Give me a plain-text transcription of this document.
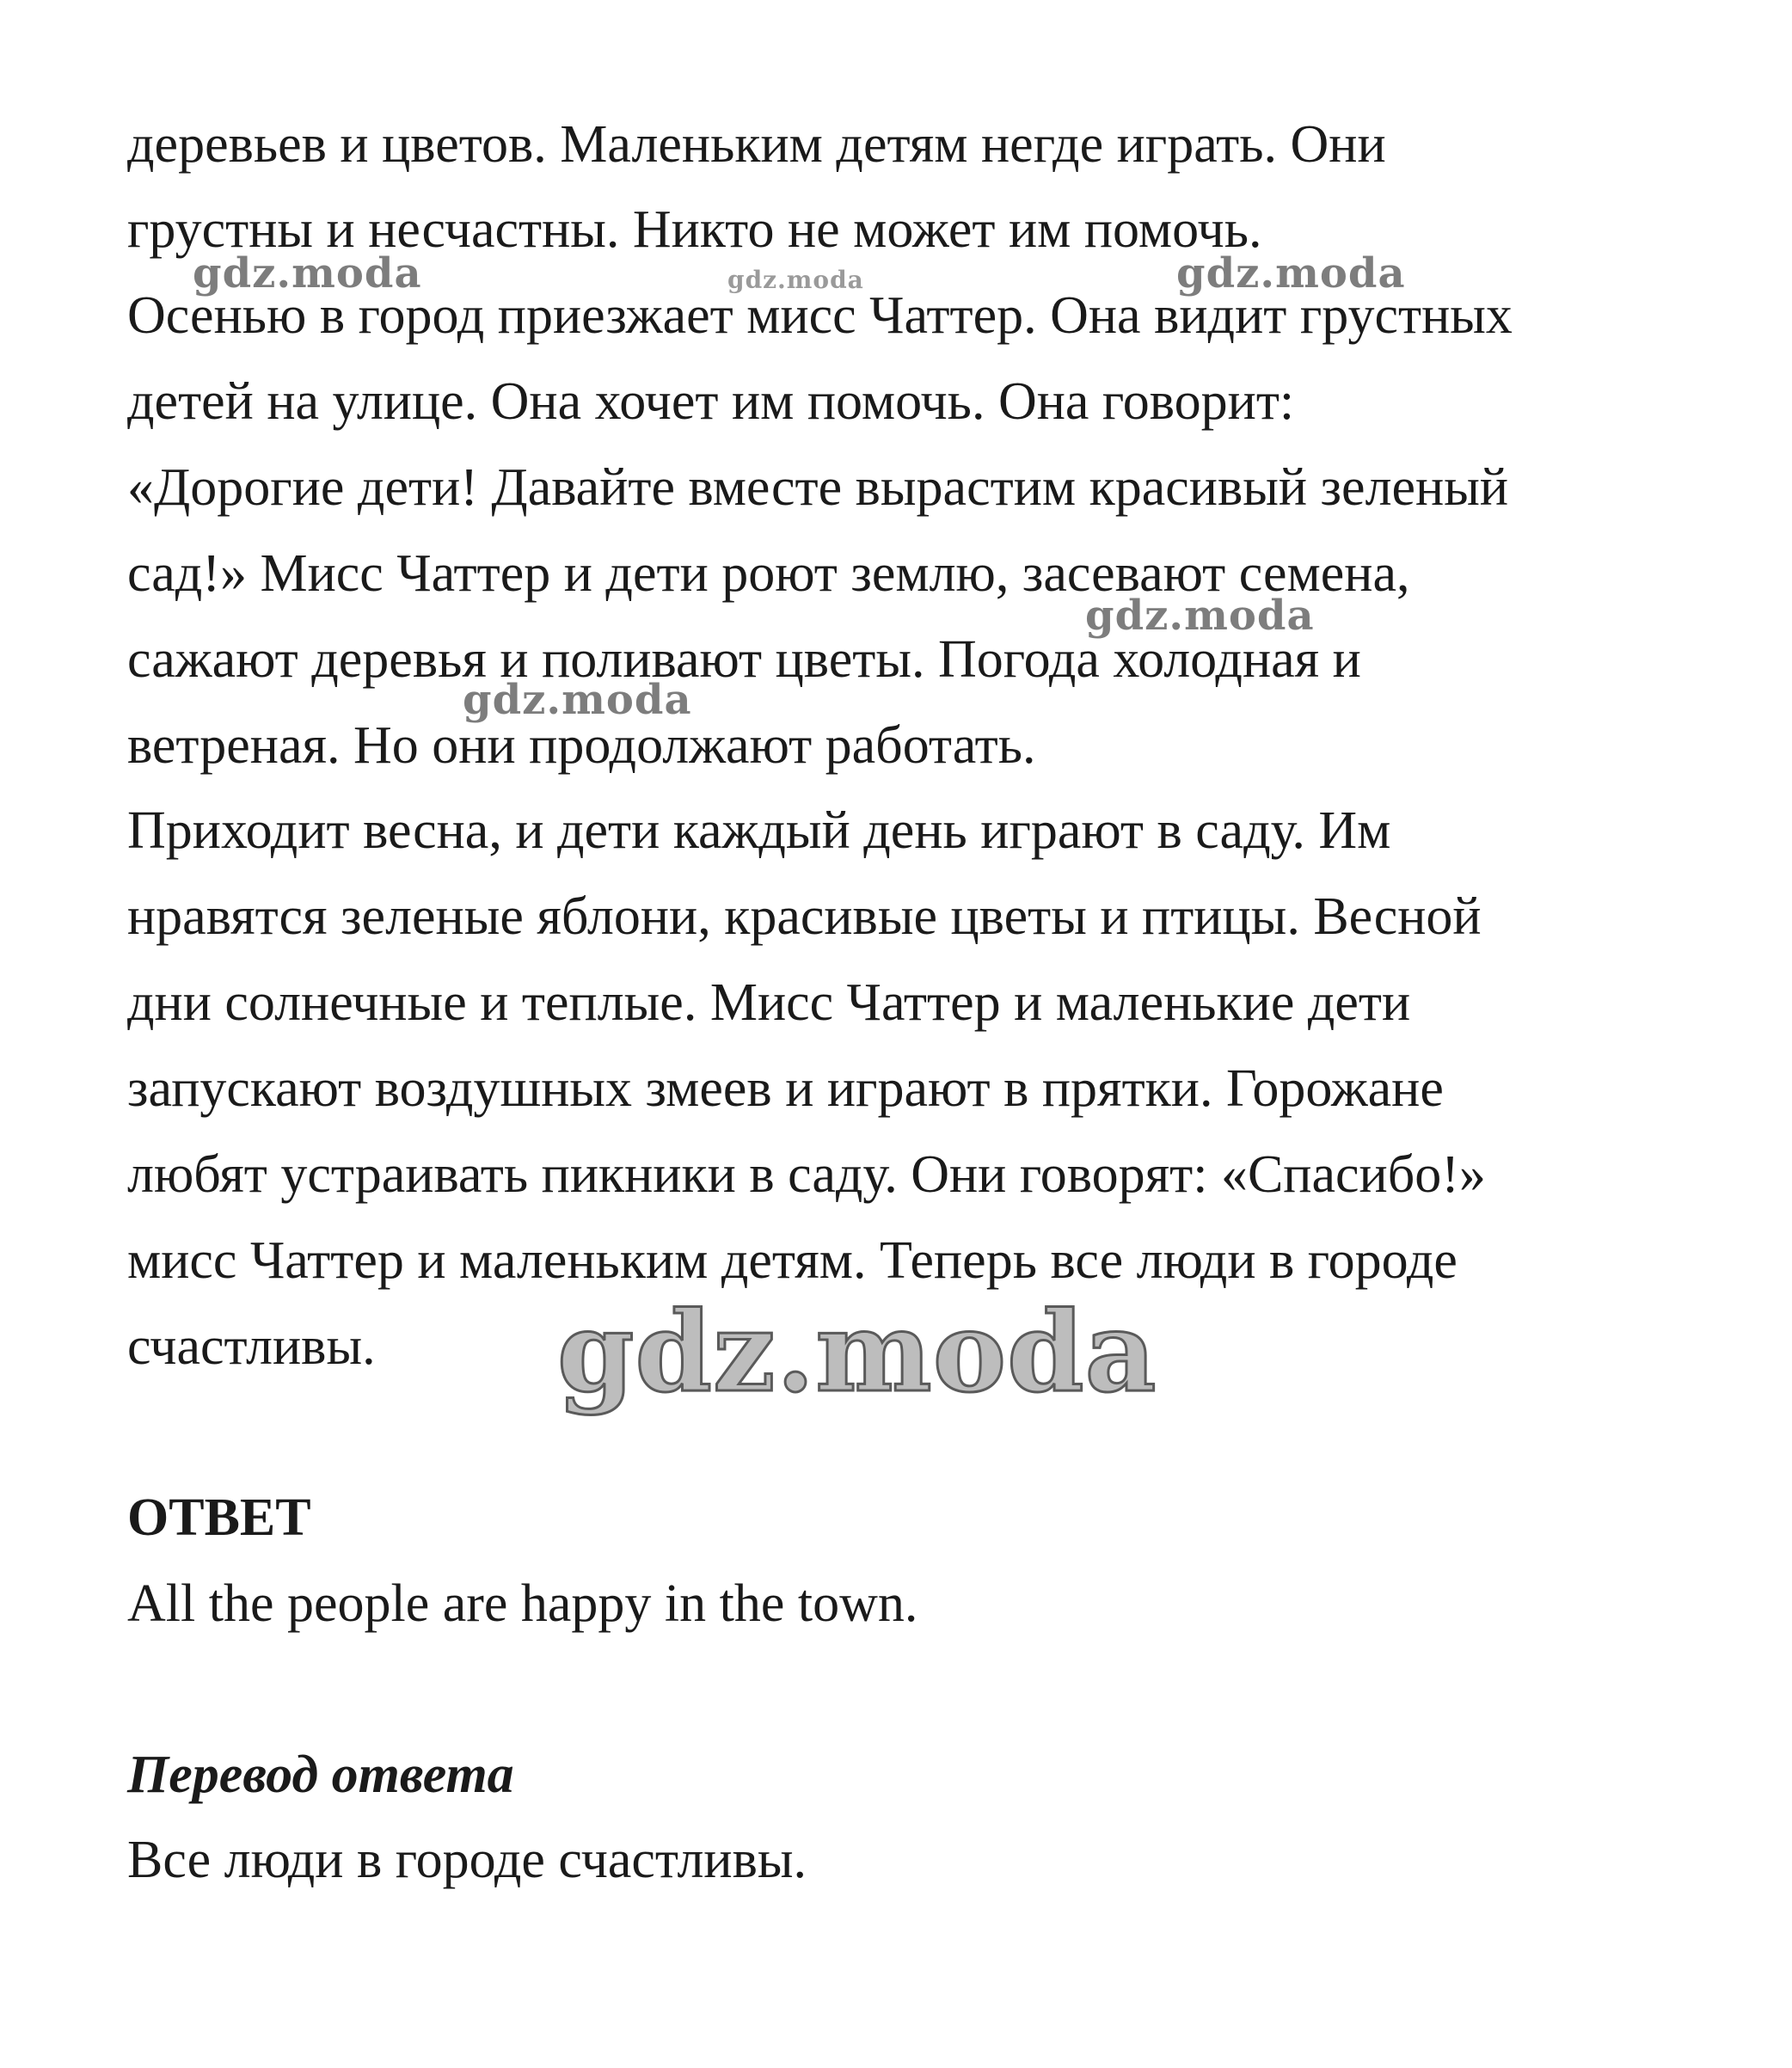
деревьев и цветов. Маленьким детям негде играть. Они
грустны и несчастны. Никто не может им помочь.
Осенью в город приезжает мисс Чаттер. Она видит грустных
детей на улице. Она хочет им помочь. Она говорит:
«Дорогие дети! Давайте вместе вырастим красивый зеленый
сад!» Мисс Чаттер и дети роют землю, засевают семена,
сажают деревья и поливают цветы. Погода холодная и
ветреная. Но они продолжают работать.
Приходит весна, и дети каждый день играют в саду. Им
нравятся зеленые яблони, красивые цветы и птицы. Весной
дни солнечные и теплые. Мисс Чаттер и маленькие дети
запускают воздушных змеев и играют в прятки. Горожане
любят устраивать пикники в саду. Они говорят: «Спасибо!»
мисс Чаттер и маленьким детям. Теперь все люди в городе
счастливы.
ОТВЕТ
All the people are happy in the town.
Перевод ответа
Все люди в городе счастливы.
gdz.moda	gdz.moda	gdz.moda
gdz.moda
gdz.moda
gdz.moda
